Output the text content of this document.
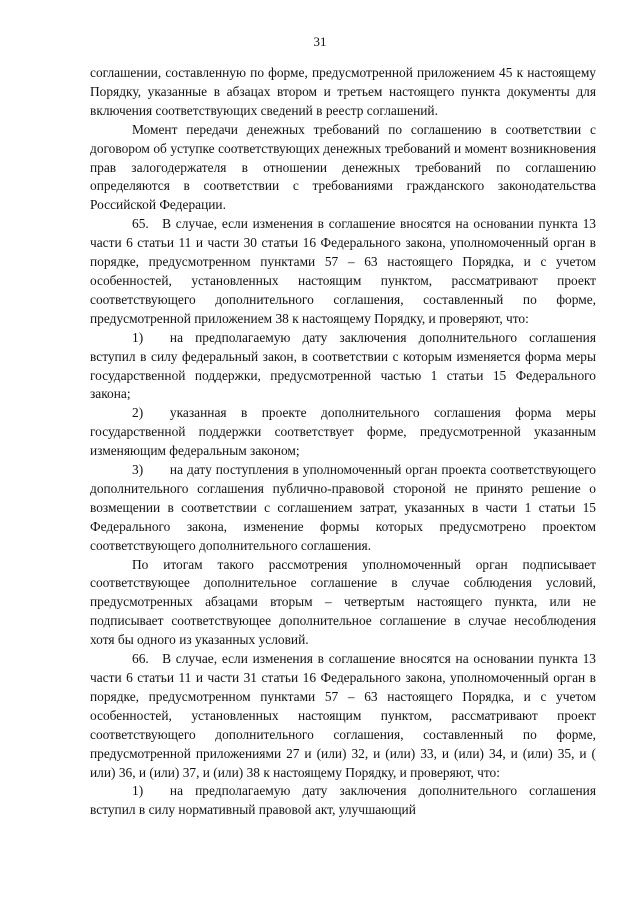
31

соглашении, составленную по форме, предусмотренной приложением 45 к настоящему Порядку, указанные в абзацах втором и третьем настоящего пункта документы для включения соответствующих сведений в реестр соглашений.

Момент передачи денежных требований по соглашению в соответствии с договором об уступке соответствующих денежных требований и момент возникновения прав залогодержателя в отношении денежных требований по соглашению определяются в соответствии с требованиями гражданского законодательства Российской Федерации.

65. В случае, если изменения в соглашение вносятся на основании пункта 13 части 6 статьи 11 и части 30 статьи 16 Федерального закона, уполномоченный орган в порядке, предусмотренном пунктами 57 – 63 настоящего Порядка, и с учетом особенностей, установленных настоящим пунктом, рассматривают проект соответствующего дополнительного соглашения, составленный по форме, предусмотренной приложением 38 к настоящему Порядку, и проверяют, что:

1)  на предполагаемую дату заключения дополнительного соглашения вступил в силу федеральный закон, в соответствии с которым изменяется форма меры государственной поддержки, предусмотренной частью 1 статьи 15 Федерального закона;

2)  указанная в проекте дополнительного соглашения форма меры государственной поддержки соответствует форме, предусмотренной указанным изменяющим федеральным законом;

3)  на дату поступления в уполномоченный орган проекта соответствующего дополнительного соглашения публично-правовой стороной не принято решение о возмещении в соответствии с соглашением затрат, указанных в части 1 статьи 15 Федерального закона, изменение формы которых предусмотрено проектом соответствующего дополнительного соглашения.

По итогам такого рассмотрения уполномоченный орган подписывает соответствующее дополнительное соглашение в случае соблюдения условий, предусмотренных абзацами вторым – четвертым настоящего пункта, или не подписывает соответствующее дополнительное соглашение в случае несоблюдения хотя бы одного из указанных условий.

66. В случае, если изменения в соглашение вносятся на основании пункта 13 части 6 статьи 11 и части 31 статьи 16 Федерального закона, уполномоченный орган в порядке, предусмотренном пунктами 57 – 63 настоящего Порядка, и с учетом особенностей, установленных настоящим пунктом, рассматривают проект соответствующего дополнительного соглашения, составленный по форме, предусмотренной приложениями 27 и (или) 32, и (или) 33, и (или) 34, и (или) 35, и ( или) 36, и (или) 37, и (или) 38 к настоящему Порядку, и проверяют, что:

1)  на предполагаемую дату заключения дополнительного соглашения вступил в силу нормативный правовой акт, улучшающий
